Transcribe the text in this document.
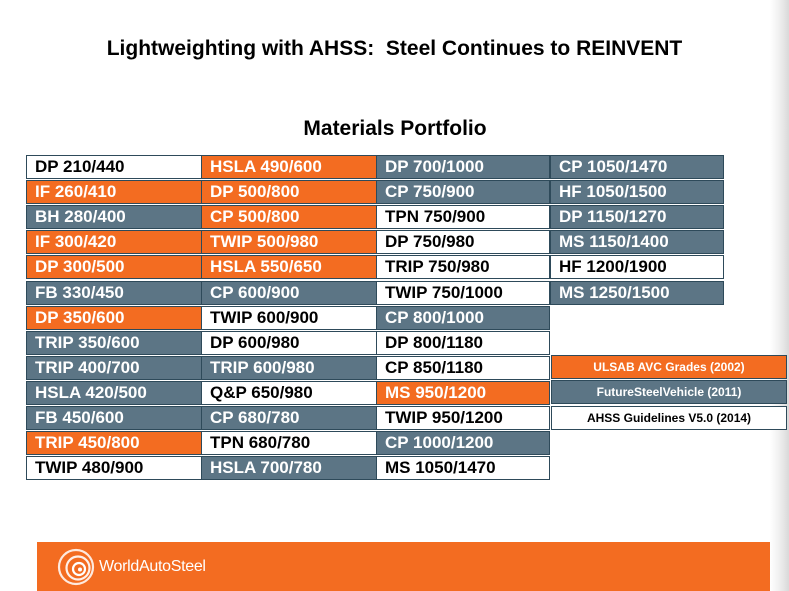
Lightweighting with AHSS:  Steel Continues to REINVENT
Materials Portfolio
DP 210/440
IF 260/410
BH 280/400
IF 300/420
DP 300/500
FB 330/450
DP 350/600
TRIP 350/600
TRIP 400/700
HSLA 420/500
FB 450/600
TRIP 450/800
TWIP 480/900
HSLA 490/600
DP 500/800
CP 500/800
TWIP 500/980
HSLA 550/650
CP 600/900
TWIP 600/900
DP 600/980
TRIP 600/980
Q&P 650/980
CP 680/780
TPN 680/780
HSLA 700/780
DP 700/1000
CP 750/900
TPN 750/900
DP 750/980
TRIP 750/980
TWIP 750/1000
CP 800/1000
DP 800/1180
CP 850/1180
MS 950/1200
TWIP 950/1200
CP 1000/1200
MS 1050/1470
CP 1050/1470
HF 1050/1500
DP 1150/1270
MS 1150/1400
HF 1200/1900
MS 1250/1500
ULSAB AVC Grades (2002)
FutureSteelVehicle (2011)
AHSS Guidelines V5.0 (2014)
WorldAutoSteel
